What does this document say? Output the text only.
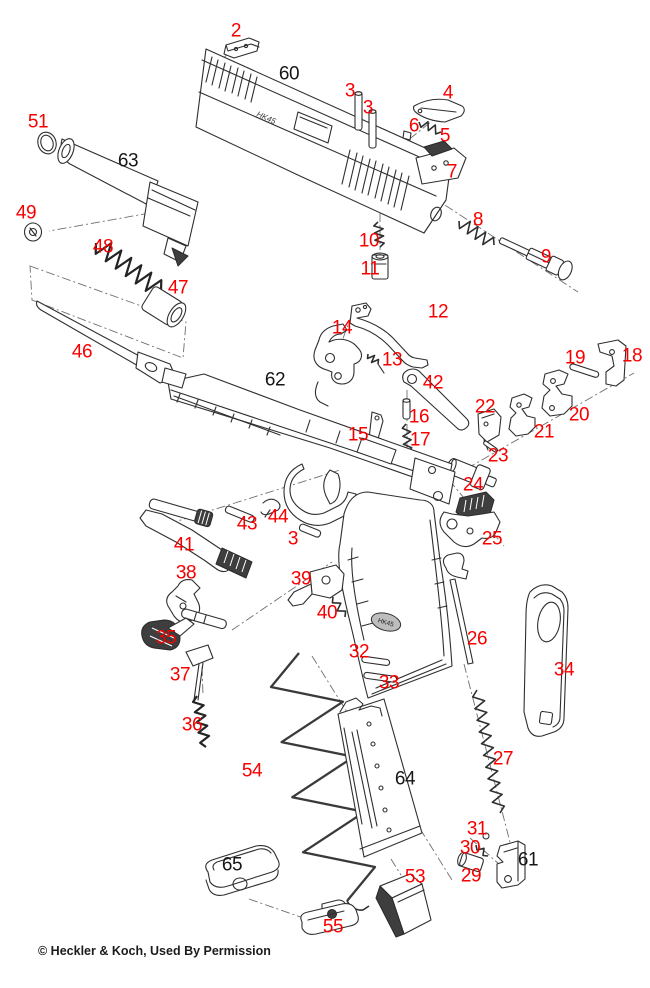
HK45
HK45
2
60
3
3
4
6 5
7
51
63
49
48
47
46
8
9
10
11
12
14
13
42
19 18
62
22	20
21
23
24
25
15
16
17
43 44
41	3
38	39
40
35
37
36
32
33
26
34
27
54	64
65
53
55
31
30
29
61
© Heckler & Koch, Used By Permission
